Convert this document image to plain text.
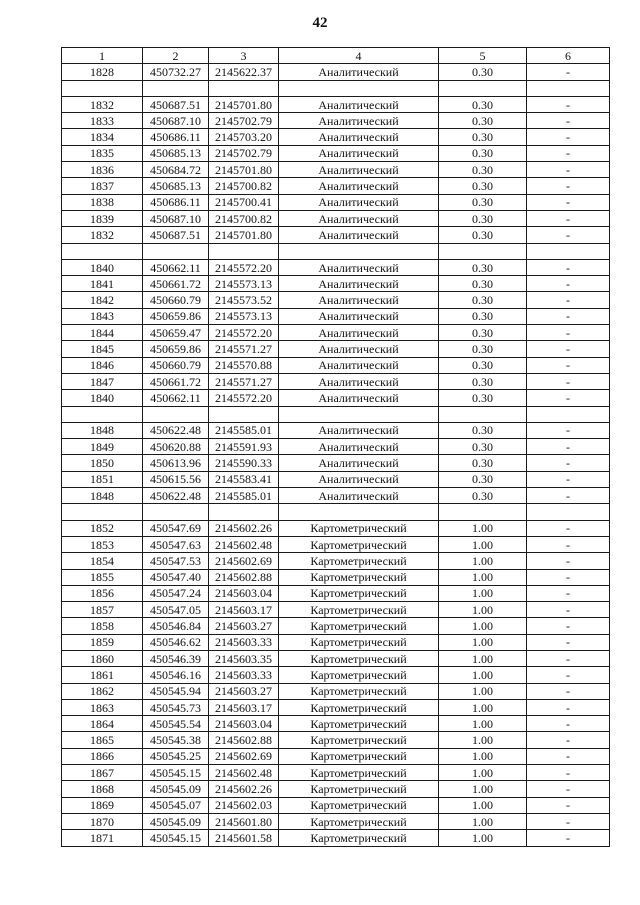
42
1	2	3	4	5	6
1828	450732.27	2145622.37	Аналитический	0.30	-

1832	450687.51	2145701.80	Аналитический	0.30	-
1833	450687.10	2145702.79	Аналитический	0.30	-
1834	450686.11	2145703.20	Аналитический	0.30	-
1835	450685.13	2145702.79	Аналитический	0.30	-
1836	450684.72	2145701.80	Аналитический	0.30	-
1837	450685.13	2145700.82	Аналитический	0.30	-
1838	450686.11	2145700.41	Аналитический	0.30	-
1839	450687.10	2145700.82	Аналитический	0.30	-
1832	450687.51	2145701.80	Аналитический	0.30	-

1840	450662.11	2145572.20	Аналитический	0.30	-
1841	450661.72	2145573.13	Аналитический	0.30	-
1842	450660.79	2145573.52	Аналитический	0.30	-
1843	450659.86	2145573.13	Аналитический	0.30	-
1844	450659.47	2145572.20	Аналитический	0.30	-
1845	450659.86	2145571.27	Аналитический	0.30	-
1846	450660.79	2145570.88	Аналитический	0.30	-
1847	450661.72	2145571.27	Аналитический	0.30	-
1840	450662.11	2145572.20	Аналитический	0.30	-

1848	450622.48	2145585.01	Аналитический	0.30	-
1849	450620.88	2145591.93	Аналитический	0.30	-
1850	450613.96	2145590.33	Аналитический	0.30	-
1851	450615.56	2145583.41	Аналитический	0.30	-
1848	450622.48	2145585.01	Аналитический	0.30	-

1852	450547.69	2145602.26	Картометрический	1.00	-
1853	450547.63	2145602.48	Картометрический	1.00	-
1854	450547.53	2145602.69	Картометрический	1.00	-
1855	450547.40	2145602.88	Картометрический	1.00	-
1856	450547.24	2145603.04	Картометрический	1.00	-
1857	450547.05	2145603.17	Картометрический	1.00	-
1858	450546.84	2145603.27	Картометрический	1.00	-
1859	450546.62	2145603.33	Картометрический	1.00	-
1860	450546.39	2145603.35	Картометрический	1.00	-
1861	450546.16	2145603.33	Картометрический	1.00	-
1862	450545.94	2145603.27	Картометрический	1.00	-
1863	450545.73	2145603.17	Картометрический	1.00	-
1864	450545.54	2145603.04	Картометрический	1.00	-
1865	450545.38	2145602.88	Картометрический	1.00	-
1866	450545.25	2145602.69	Картометрический	1.00	-
1867	450545.15	2145602.48	Картометрический	1.00	-
1868	450545.09	2145602.26	Картометрический	1.00	-
1869	450545.07	2145602.03	Картометрический	1.00	-
1870	450545.09	2145601.80	Картометрический	1.00	-
1871	450545.15	2145601.58	Картометрический	1.00	-
